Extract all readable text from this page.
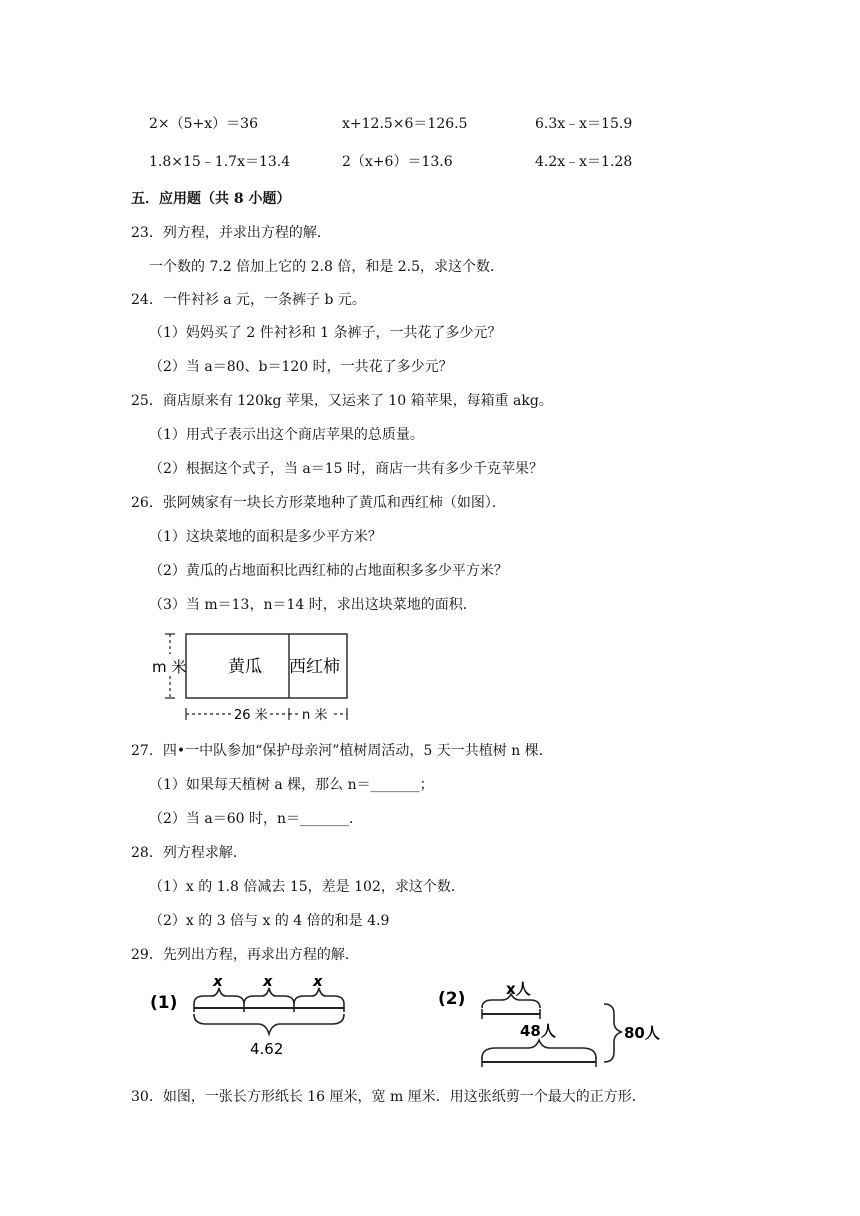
2×（5+x）＝36	x+12.5×6＝126.5	6.3x﹣x＝15.9
1.8×15﹣1.7x＝13.4	2（x+6）＝13.6	4.2x﹣x＝1.28
五．应用题（共 8 小题）
23．列方程，并求出方程的解．
一个数的 7.2 倍加上它的 2.8 倍，和是 2.5，求这个数．
24．一件衬衫 a 元，一条裤子 b 元。
（1）妈妈买了 2 件衬衫和 1 条裤子，一共花了多少元？
（2）当 a＝80、b＝120 时，一共花了多少元？
25．商店原来有 120kg 苹果，又运来了 10 箱苹果，每箱重 akg。
（1）用式子表示出这个商店苹果的总质量。
（2）根据这个式子，当 a＝15 时，商店一共有多少千克苹果？
26．张阿姨家有一块长方形菜地种了黄瓜和西红柿（如图）．
（1）这块菜地的面积是多少平方米？
（2）黄瓜的占地面积比西红柿的占地面积多多少平方米？
（3）当 m＝13，n＝14 时，求出这块菜地的面积．
m 米 黄瓜 西红柿
26 米	n 米
27．四•一中队参加“保护母亲河”植树周活动，5 天一共植树 n 棵．
（1）如果每天植树 a 棵，那么 n＝_______；
（2）当 a＝60 时，n＝_______．
28．列方程求解．
（1）x 的 1.8 倍减去 15，差是 102，求这个数．
（2）x 的 3 倍与 x 的 4 倍的和是 4.9
29．先列出方程，再求出方程的解．
(1)
x	x	x
4.62
(2)	x人
48人	80人
30．如图，一张长方形纸长 16 厘米，宽 m 厘米．用这张纸剪一个最大的正方形．
